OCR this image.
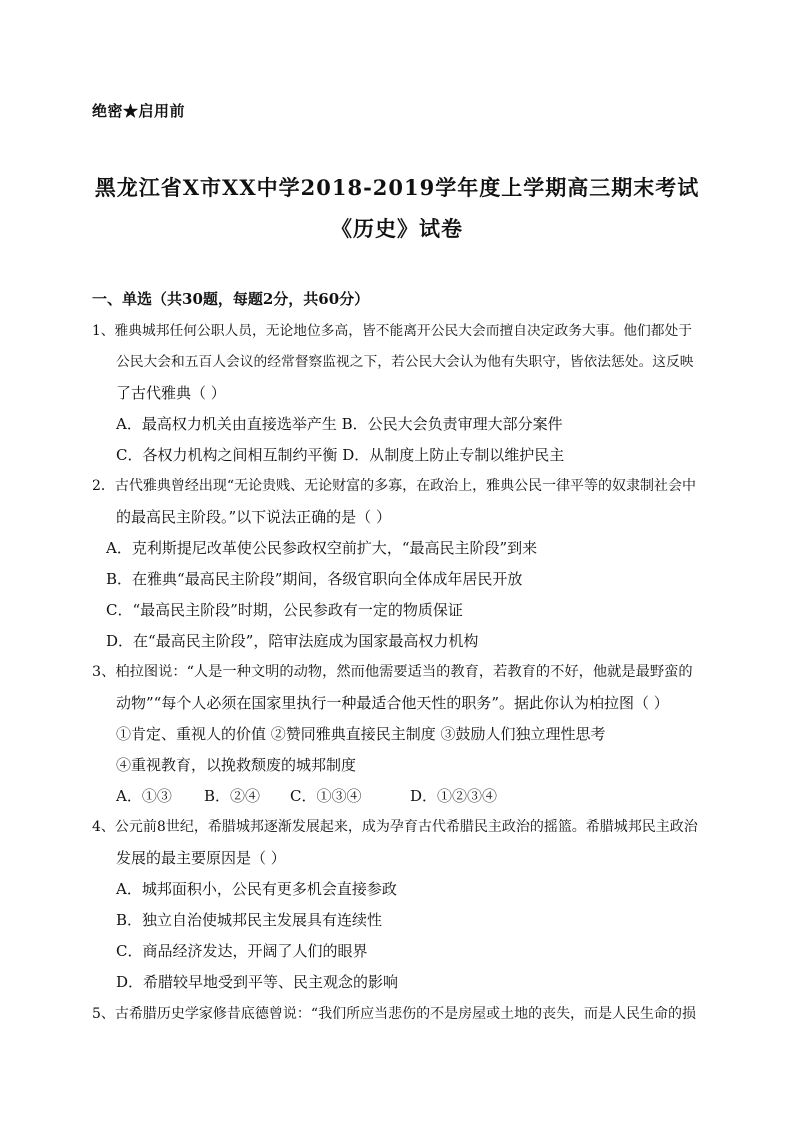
绝密★启用前
黑龙江省X市XX中学2018-2019学年度上学期高三期末考试
《历史》试卷
一、单选（共30题，每题2分，共60分）
1、雅典城邦任何公职人员，无论地位多高，皆不能离开公民大会而擅自决定政务大事。他们都处于
公民大会和五百人会议的经常督察监视之下，若公民大会认为他有失职守，皆依法惩处。这反映
了古代雅典（ ）
A．最高权力机关由直接选举产生 B．公民大会负责审理大部分案件
C．各权力机构之间相互制约平衡 D．从制度上防止专制以维护民主
2．古代雅典曾经出现“无论贵贱、无论财富的多寡，在政治上，雅典公民一律平等的奴隶制社会中
的最高民主阶段。”以下说法正确的是（ ）
A．克利斯提尼改革使公民参政权空前扩大，“最高民主阶段”到来
B．在雅典“最高民主阶段”期间，各级官职向全体成年居民开放
C．“最高民主阶段”时期，公民参政有一定的物质保证
D．在“最高民主阶段”，陪审法庭成为国家最高权力机构
3、柏拉图说：“人是一种文明的动物，然而他需要适当的教育，若教育的不好，他就是最野蛮的
动物”“每个人必须在国家里执行一种最适合他天性的职务”。据此你认为柏拉图（ ）
①肯定、重视人的价值 ②赞同雅典直接民主制度 ③鼓励人们独立理性思考
④重视教育，以挽救颓废的城邦制度
A．①③ B．②④ C．①③④	D．①②③④
4、公元前8世纪，希腊城邦逐渐发展起来，成为孕育古代希腊民主政治的摇篮。希腊城邦民主政治
发展的最主要原因是（ ）
A．城邦面积小，公民有更多机会直接参政
B．独立自治使城邦民主发展具有连续性
C．商品经济发达，开阔了人们的眼界
D．希腊较早地受到平等、民主观念的影响
5、古希腊历史学家修昔底德曾说：“我们所应当悲伤的不是房屋或土地的丧失，而是人民生命的损
